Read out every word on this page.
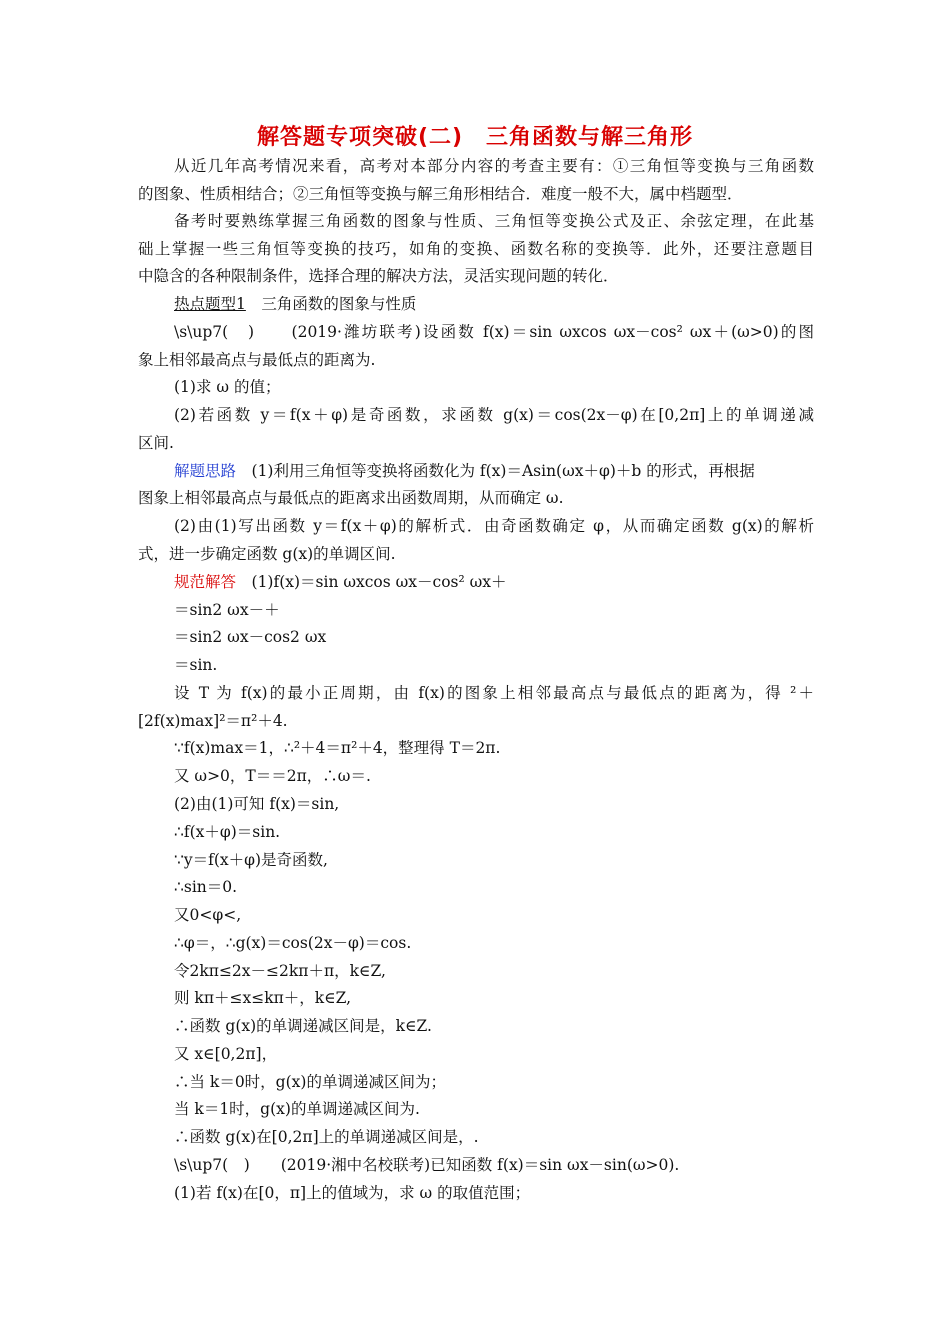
解答题专项突破(二)　三角函数与解三角形
从近几年高考情况来看，高考对本部分内容的考查主要有：①三角恒等变换与三角函数
的图象、性质相结合；②三角恒等变换与解三角形相结合．难度一般不大，属中档题型．
备考时要熟练掌握三角函数的图象与性质、三角恒等变换公式及正、余弦定理，在此基
础上掌握一些三角恒等变换的技巧，如角的变换、函数名称的变换等．此外，还要注意题目
中隐含的各种限制条件，选择合理的解决方法，灵活实现问题的转化．
热点题型1　三角函数的图象与性质
\s\up7(　)　　(2019·潍坊联考)设函数 f(x)＝sin ωxcos ωx－cos² ωx＋(ω>0)的图
象上相邻最高点与最低点的距离为.
(1)求 ω 的值；
(2)若函数 y＝f(x＋φ)是奇函数，求函数 g(x)＝cos(2x－φ)在[0,2π]上的单调递减
区间.
解题思路　(1)利用三角恒等变换将函数化为 f(x)＝Asin(ωx＋φ)＋b 的形式，再根据
图象上相邻最高点与最低点的距离求出函数周期，从而确定 ω.
(2)由(1)写出函数 y＝f(x＋φ)的解析式．由奇函数确定 φ，从而确定函数 g(x)的解析
式，进一步确定函数 g(x)的单调区间.
规范解答　(1)f(x)＝sin ωxcos ωx－cos² ωx＋
＝sin2 ωx－＋
＝sin2 ωx－cos2 ωx
＝sin.
设 T 为 f(x)的最小正周期，由 f(x)的图象上相邻最高点与最低点的距离为，得 ²＋
[2f(x)max]²＝π²＋4.
∵f(x)max＝1，∴²＋4＝π²＋4，整理得 T＝2π.
又 ω>0，T＝＝2π，∴ω＝.
(2)由(1)可知 f(x)＝sin,
∴f(x＋φ)＝sin.
∵y＝f(x＋φ)是奇函数,
∴sin＝0.
又0<φ<,
∴φ＝，∴g(x)＝cos(2x－φ)＝cos.
令2kπ≤2x－≤2kπ＋π，k∈Z,
则 kπ＋≤x≤kπ＋，k∈Z,
∴函数 g(x)的单调递减区间是，k∈Z.
又 x∈[0,2π]，
∴当 k＝0时，g(x)的单调递减区间为；
当 k＝1时，g(x)的单调递减区间为.
∴函数 g(x)在[0,2π]上的单调递减区间是，.
\s\up7(　)　　(2019·湘中名校联考)已知函数 f(x)＝sin ωx－sin(ω>0).
(1)若 f(x)在[0，π]上的值域为，求 ω 的取值范围；
